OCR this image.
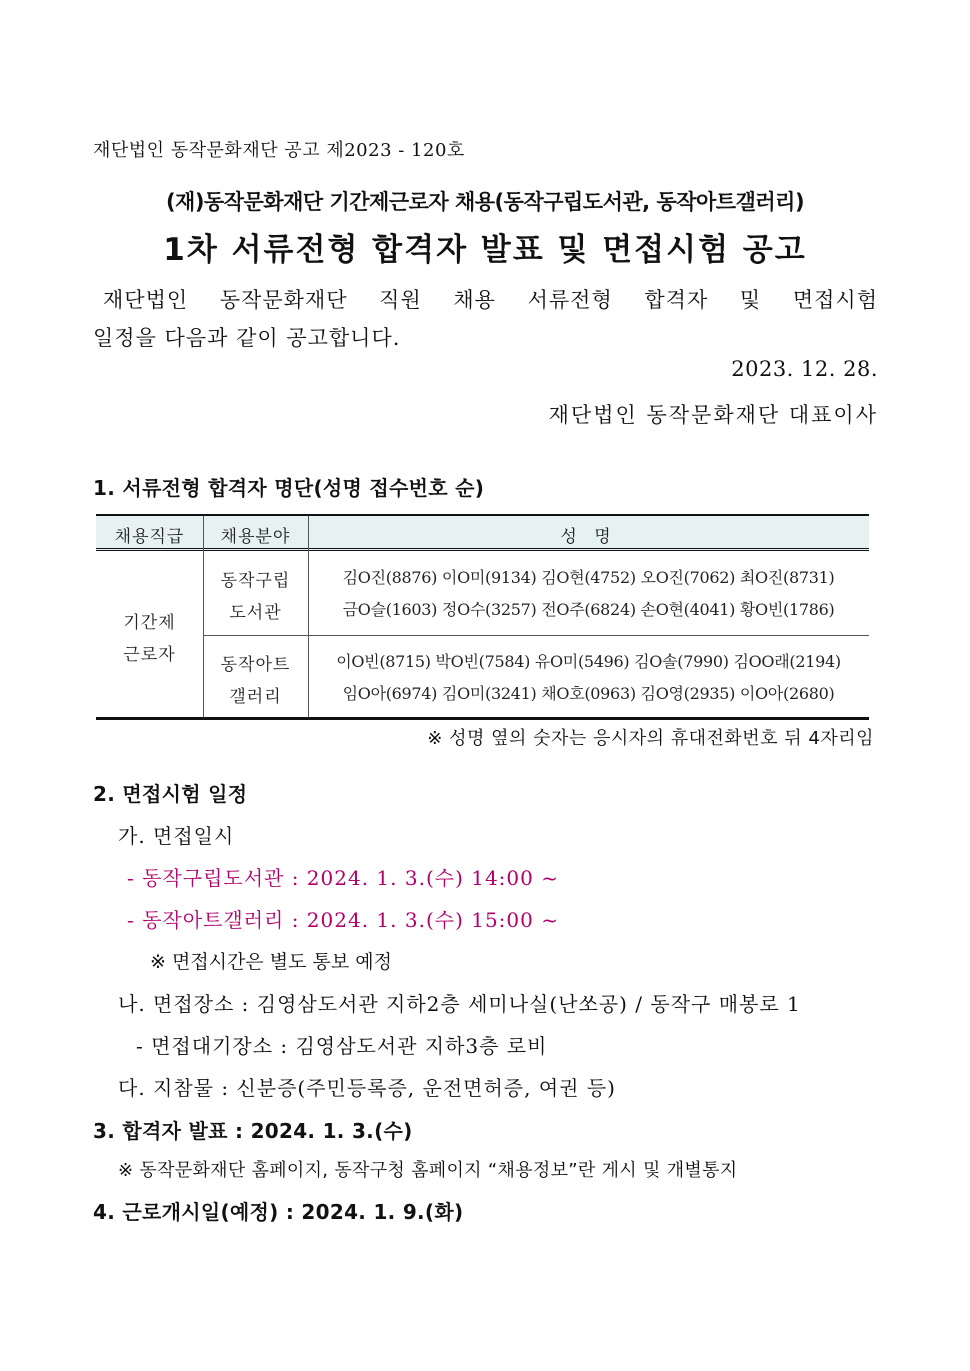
재단법인 동작문화재단 공고 제2023 - 120호
(재)동작문화재단 기간제근로자 채용(동작구립도서관, 동작아트갤러리)
1차 서류전형 합격자 발표 및 면접시험 공고
재단법인 동작문화재단 직원 채용 서류전형 합격자 및 면접시험
일정을 다음과 같이 공고합니다.
2023. 12. 28.
재단법인 동작문화재단 대표이사
1. 서류전형 합격자 명단(성명 접수번호 순)
채용직급	채용분야	성 명
기간제
근로자
동작구립
도서관
김O진(8876) 이O미(9134) 김O현(4752) 오O진(7062) 최O진(8731)
금O슬(1603) 정O수(3257) 전O주(6824) 손O현(4041) 황O빈(1786)
동작아트
갤러리
이O빈(8715) 박O빈(7584) 유O미(5496) 김O솔(7990) 김OO래(2194)
임O아(6974) 김O미(3241) 채O호(0963) 김O영(2935) 이O아(2680)
※ 성명 옆의 숫자는 응시자의 휴대전화번호 뒤 4자리임
2. 면접시험 일정
가. 면접일시
- 동작구립도서관 : 2024. 1. 3.(수) 14:00 ~
- 동작아트갤러리 : 2024. 1. 3.(수) 15:00 ~
※ 면접시간은 별도 통보 예정
나. 면접장소 : 김영삼도서관 지하2층 세미나실(난쏘공) / 동작구 매봉로 1
- 면접대기장소 : 김영삼도서관 지하3층 로비
다. 지참물 : 신분증(주민등록증, 운전면허증, 여권 등)
3. 합격자 발표 : 2024. 1. 3.(수)
※ 동작문화재단 홈페이지, 동작구청 홈페이지 “채용정보”란 게시 및 개별통지
4. 근로개시일(예정) : 2024. 1. 9.(화)
